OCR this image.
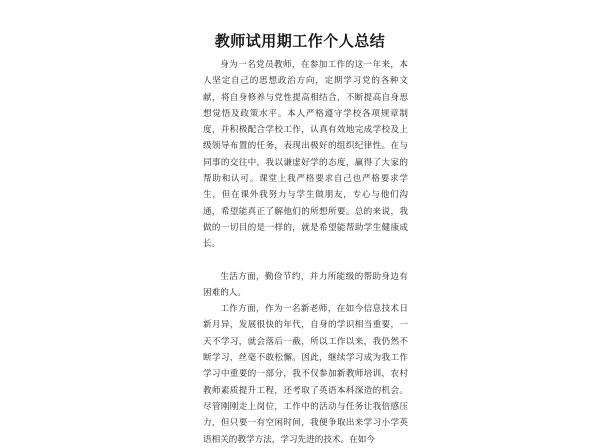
教师试用期工作个人总结

身为一名党员教师，在参加工作的这一年来，本人坚定自己的思想政治方向，定期学习党的各种文献，将自身修养与党性提高相结合，不断提高自身思想觉悟及政策水平。本人严格遵守学校各项规章制度，并积极配合学校工作，认真有效地完成学校及上级领导布置的任务，表现出极好的组织纪律性。在与同事的交往中，我以谦虚好学的态度，赢得了大家的帮助和认可。课堂上我严格要求自己也严格要求学生，但在课外我努力与学生做朋友，专心与他们沟通，希望能真正了解他们的所想所要。总的来说，我做的一切目的是一样的，就是希望能帮助学生健康成长。

生活方面，勤俭节约，并力所能级的帮助身边有困难的人。

工作方面，作为一名新老师，在如今信息技术日新月异，发展很快的年代，自身的学识相当重要，一天不学习，就会落后一截，所以工作以来，我仍然不断学习，丝毫不敢松懈。因此，继续学习成为我工作学习中重要的一部分，我不仅参加新教师培训，农村教师素质提升工程，还考取了英语本科深造的机会。尽管刚刚走上岗位，工作中的活动与任务让我倍感压力，但只要一有空闲时间，我便争取出来学习小学英语相关的教学方法，学习先进的技术。在如今
